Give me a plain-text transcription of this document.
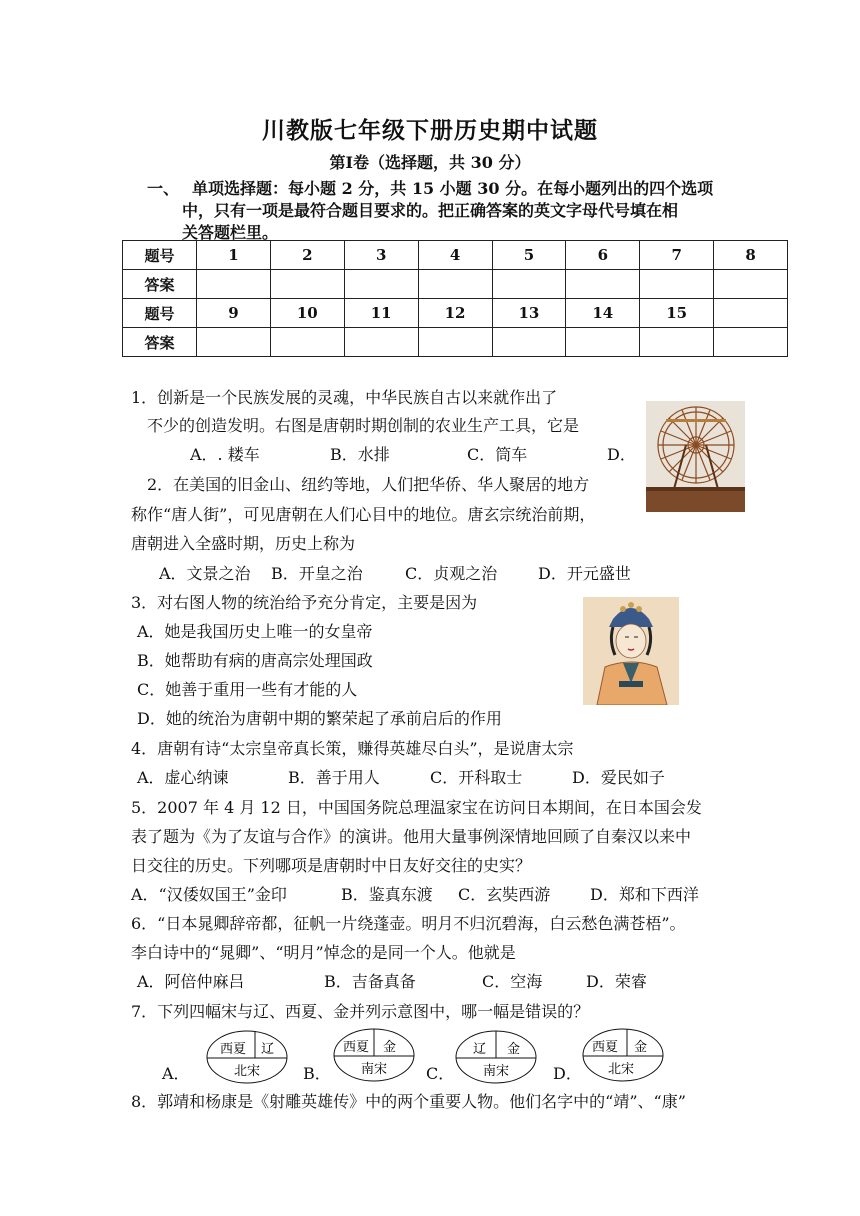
川教版七年级下册历史期中试题
第Ⅰ卷（选择题，共 30 分）
一、 单项选择题：每小题 2 分，共 15 小题 30 分。在每小题列出的四个选项
中，只有一项是最符合题目要求的。把正确答案的英文字母代号填在相
关答题栏里。
题号	1	2	3	4	5	6	7	8
答案								
题号	9	10	11	12	13	14	15	
答案								
1．创新是一个民族发展的灵魂，中华民族自古以来就作出了
不少的创造发明。右图是唐朝时期创制的农业生产工具，它是
A．. 耧车	B．水排	C．筒车	D．
2．在美国的旧金山、纽约等地，人们把华侨、华人聚居的地方
称作“唐人街”，可见唐朝在人们心目中的地位。唐玄宗统治前期，
唐朝进入全盛时期，历史上称为
A．文景之治 B．开皇之治	C．贞观之治	D．开元盛世
3．对右图人物的统治给予充分肯定，主要是因为
A．她是我国历史上唯一的女皇帝
B．她帮助有病的唐高宗处理国政
C．她善于重用一些有才能的人
D．她的统治为唐朝中期的繁荣起了承前启后的作用
4．唐朝有诗“太宗皇帝真长策，赚得英雄尽白头”，是说唐太宗
A．虚心纳谏	B．善于用人	C．开科取士	D．爱民如子
5．2007 年 4 月 12 日，中国国务院总理温家宝在访问日本期间，在日本国会发
表了题为《为了友谊与合作》的演讲。他用大量事例深情地回顾了自秦汉以来中
日交往的历史。下列哪项是唐朝时中日友好交往的史实？
A．“汉倭奴国王”金印	B．鉴真东渡 C．玄奘西游 D．郑和下西洋
6．“日本晁卿辞帝都，征帆一片绕蓬壶。明月不归沉碧海，白云愁色满苍梧”。
李白诗中的“晁卿”、“明月”悼念的是同一个人。他就是
A．阿倍仲麻吕	B．吉备真备	C．空海	D．荣睿
7．下列四幅宋与辽、西夏、金并列示意图中，哪一幅是错误的？
A．
西夏 辽
北宋	B．
西夏 金
南宋 C．
辽 金
南宋	D．
西夏 金
北宋
8．郭靖和杨康是《射雕英雄传》中的两个重要人物。他们名字中的“靖”、“康”
